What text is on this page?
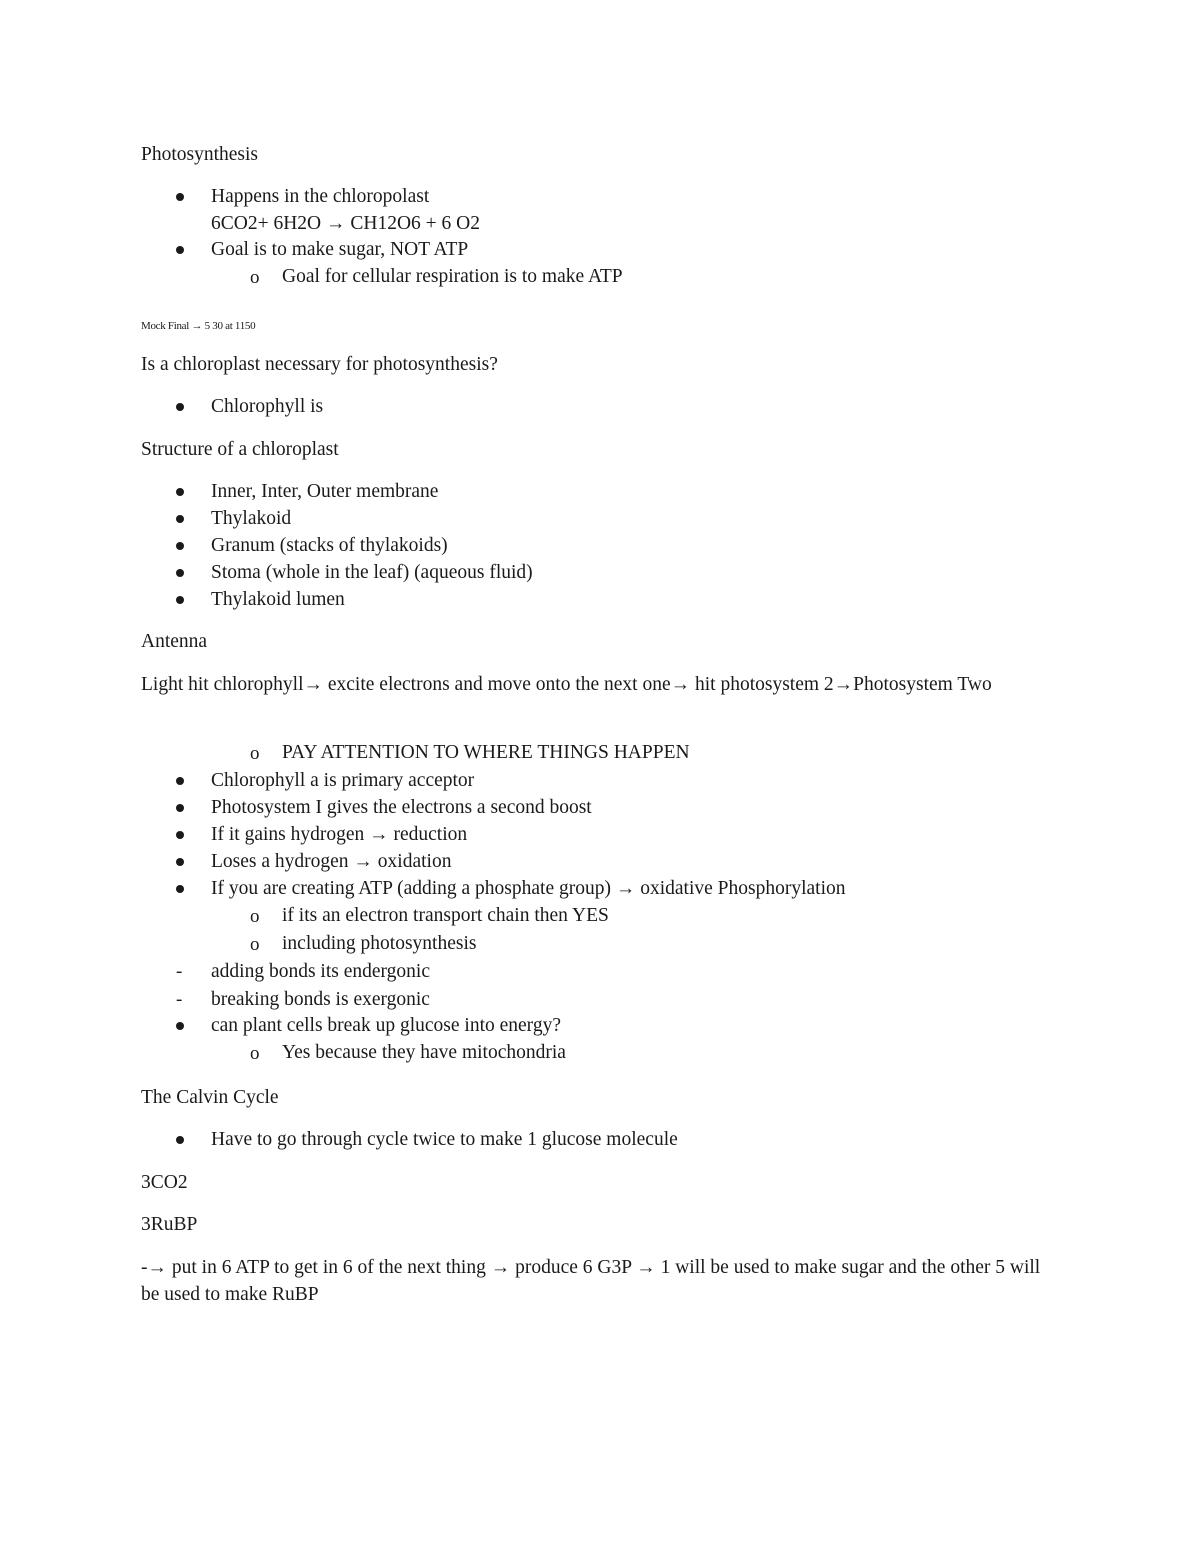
Photosynthesis
Happens in the chloropolast
6CO2+ 6H2O → CH12O6 + 6 O2
Goal is to make sugar, NOT ATP
o Goal for cellular respiration is to make ATP
Mock Final → 5 30 at 1150
Is a chloroplast necessary for photosynthesis?
Chlorophyll is
Structure of a chloroplast
Inner, Inter, Outer membrane
Thylakoid
Granum (stacks of thylakoids)
Stoma (whole in the leaf) (aqueous fluid)
Thylakoid lumen
Antenna
Light hit chlorophyll→ excite electrons and move onto the next one→ hit photosystem 2→Photosystem Two
o PAY ATTENTION TO WHERE THINGS HAPPEN
Chlorophyll a is primary acceptor
Photosystem I gives the electrons a second boost
If it gains hydrogen → reduction
Loses a hydrogen → oxidation
If you are creating ATP (adding a phosphate group) → oxidative Phosphorylation
o if its an electron transport chain then YES
o including photosynthesis
- adding bonds its endergonic
- breaking bonds is exergonic
can plant cells break up glucose into energy?
o Yes because they have mitochondria
The Calvin Cycle
Have to go through cycle twice to make 1 glucose molecule
3CO2
3RuBP
-→ put in 6 ATP to get in 6 of the next thing → produce 6 G3P → 1 will be used to make sugar and the other 5 will be used to make RuBP
